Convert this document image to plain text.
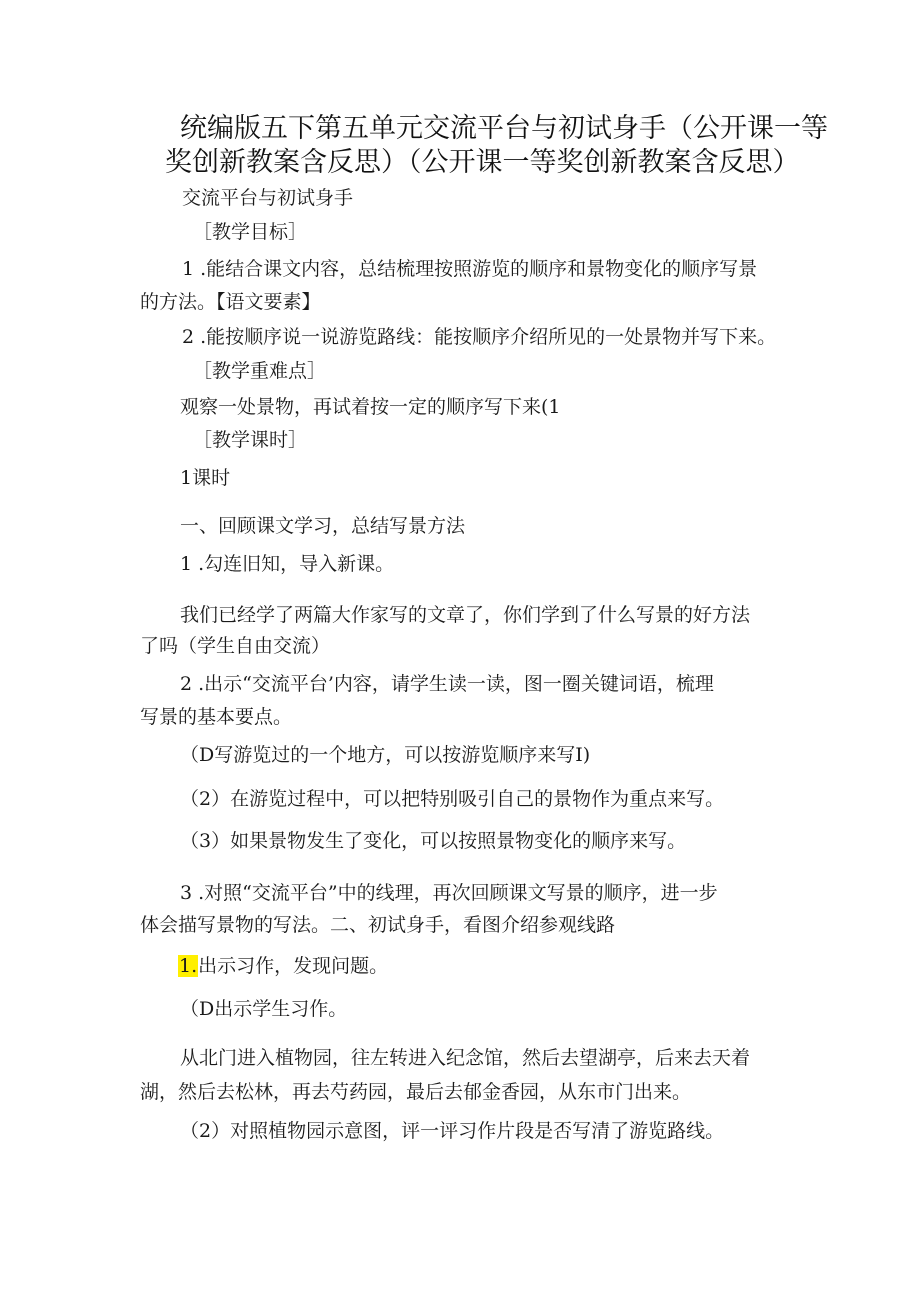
统编版五下第五单元交流平台与初试身手（公开课一等
奖创新教案含反思）（公开课一等奖创新教案含反思）
交流平台与初试身手
［教学目标］
1 .能结合课文内容，总结梳理按照游览的顺序和景物变化的顺序写景
的方法。【语文要素】
2 .能按顺序说一说游览路线：能按顺序介绍所见的一处景物并写下来。
［教学重难点］
观察一处景物，再试着按一定的顺序写下来(1
［教学课时］
1课时
一、回顾课文学习，总结写景方法
1 .勾连旧知，导入新课。
我们已经学了两篇大作家写的文章了，你们学到了什么写景的好方法
了吗（学生自由交流）
2 .出示“交流平台’内容，请学生读一读，图一圈关键词语，梳理
写景的基本要点。
（D写游览过的一个地方，可以按游览顺序来写I)
（2）在游览过程中，可以把特别吸引自己的景物作为重点来写。
（3）如果景物发生了变化，可以按照景物变化的顺序来写。
3 .对照“交流平台”中的线理，再次回顾课文写景的顺序，进一步
体会描写景物的写法。二、初试身手，看图介绍参观线路
1.出示习作，发现问题。
（D出示学生习作。
从北门进入植物园，往左转进入纪念馆，然后去望湖亭，后来去天着
湖，然后去松林，再去芍药园，最后去郁金香园，从东市门出来。
（2）对照植物园示意图，评一评习作片段是否写清了游览路线。
